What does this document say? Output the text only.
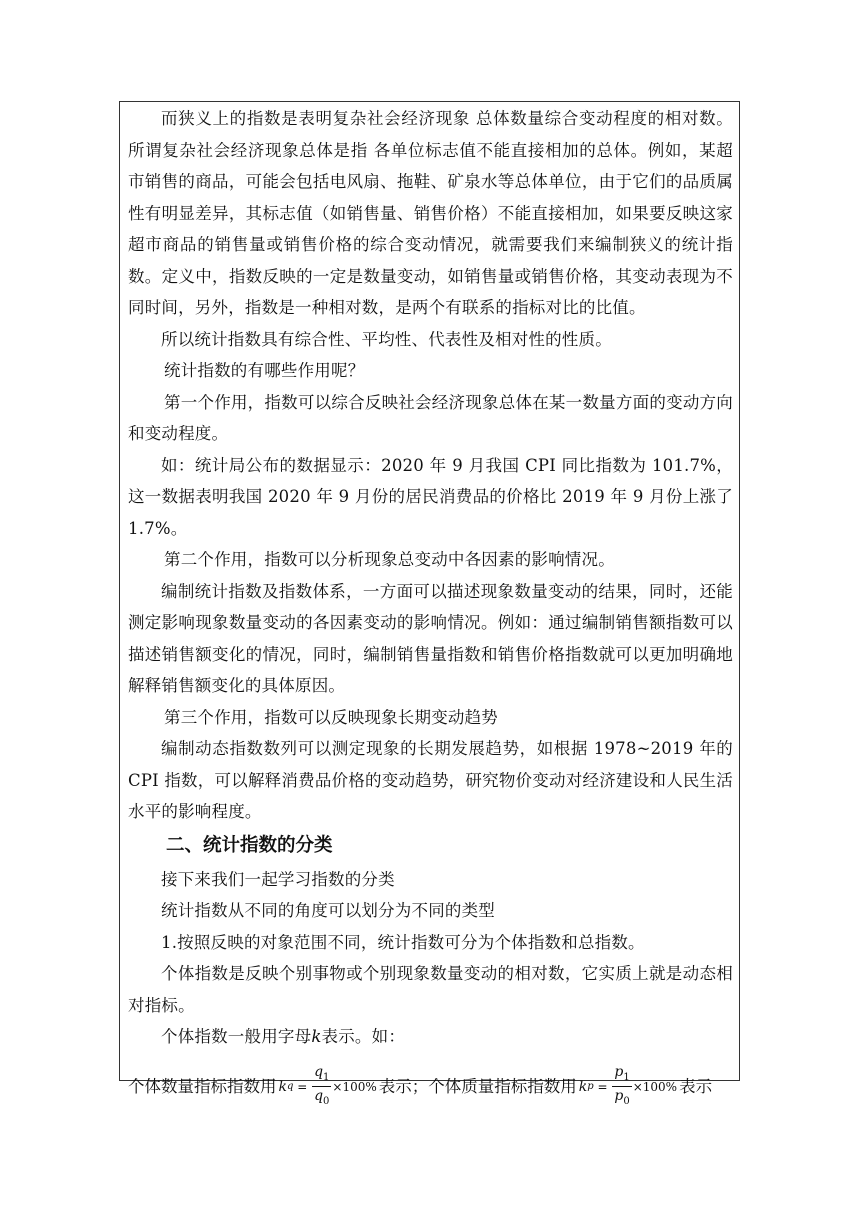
而狭义上的指数是表明复杂社会经济现象 总体数量综合变动程度的相对数。所谓复杂社会经济现象总体是指 各单位标志值不能直接相加的总体。例如，某超市销售的商品，可能会包括电风扇、拖鞋、矿泉水等总体单位，由于它们的品质属性有明显差异，其标志值（如销售量、销售价格）不能直接相加，如果要反映这家超市商品的销售量或销售价格的综合变动情况，就需要我们来编制狭义的统计指数。定义中，指数反映的一定是数量变动，如销售量或销售价格，其变动表现为不同时间，另外，指数是一种相对数，是两个有联系的指标对比的比值。

所以统计指数具有综合性、平均性、代表性及相对性的性质。

统计指数的有哪些作用呢？

第一个作用，指数可以综合反映社会经济现象总体在某一数量方面的变动方向和变动程度。

如：统计局公布的数据显示：2020 年 9 月我国 CPI 同比指数为 101.7%，这一数据表明我国 2020 年 9 月份的居民消费品的价格比 2019 年 9 月份上涨了 1.7%。

第二个作用，指数可以分析现象总变动中各因素的影响情况。

编制统计指数及指数体系，一方面可以描述现象数量变动的结果，同时，还能测定影响现象数量变动的各因素变动的影响情况。例如：通过编制销售额指数可以描述销售额变化的情况，同时，编制销售量指数和销售价格指数就可以更加明确地解释销售额变化的具体原因。

第三个作用，指数可以反映现象长期变动趋势

编制动态指数数列可以测定现象的长期发展趋势，如根据 1978~2019 年的 CPI 指数，可以解释消费品价格的变动趋势，研究物价变动对经济建设和人民生活水平的影响程度。

二、统计指数的分类

接下来我们一起学习指数的分类

统计指数从不同的角度可以划分为不同的类型

1.按照反映的对象范围不同，统计指数可分为个体指数和总指数。

个体指数是反映个别事物或个别现象数量变动的相对数，它实质上就是动态相对指标。

个体指数一般用字母k表示。如：

个体数量指标指数用 k $q = \frac{q_1}{q_0} \times 100\%$ 表示；个体质量指标指数用 k $p = \frac{p_1}{p_0} \times 100\%$ 表示
